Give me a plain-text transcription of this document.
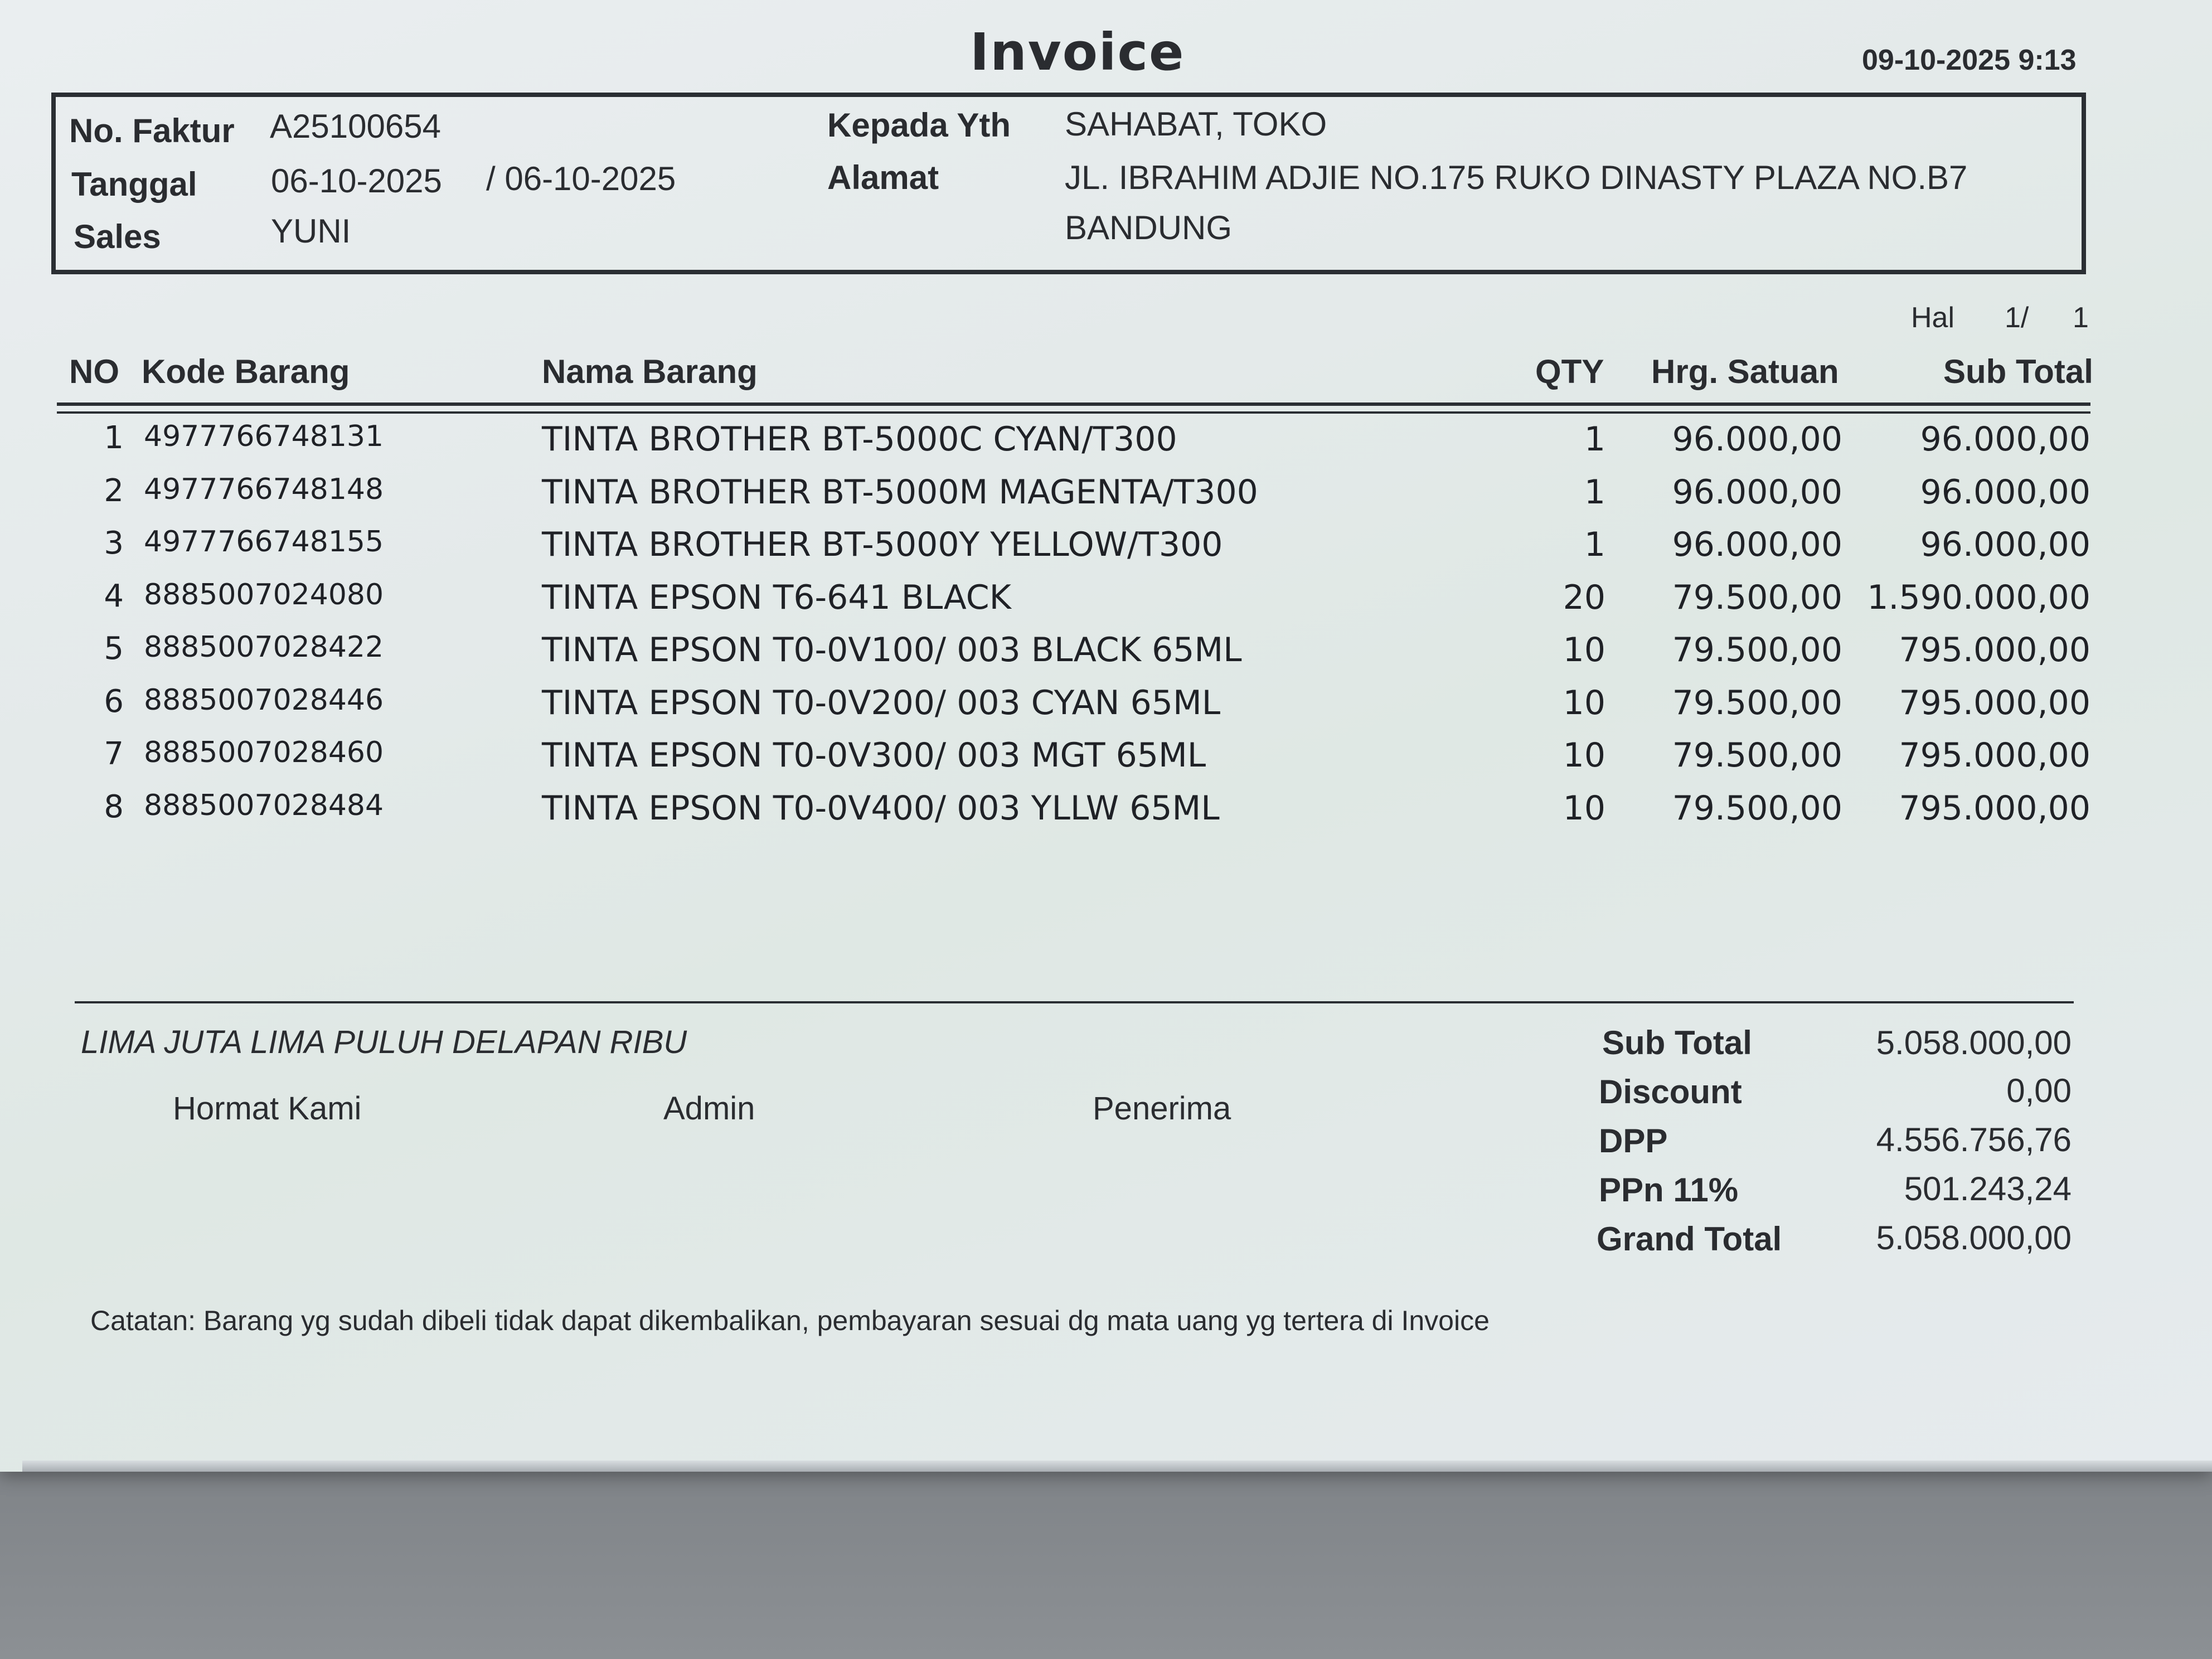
Invoice	09-10-2025 9:13
No. Faktur A25100654
Tanggal 06-10-2025 / 06-10-2025
Sales	YUNI
Kepada Yth SAHABAT, TOKO
Alamat	JL. IBRAHIM ADJIE NO.175 RUKO DINASTY PLAZA NO.B7
BANDUNG
Hal 1/ 1
NO Kode Barang	Nama Barang	QTY Hrg. Satuan	Sub Total
1 4977766748131	TINTA BROTHER BT-5000C CYAN/T300	1	96.000,00	96.000,00
2 4977766748148	TINTA BROTHER BT-5000M MAGENTA/T300	1	96.000,00	96.000,00
3 4977766748155	TINTA BROTHER BT-5000Y YELLOW/T300	1	96.000,00	96.000,00
4 8885007024080	TINTA EPSON T6-641 BLACK	20	79.500,00 1.590.000,00
5 8885007028422	TINTA EPSON T0-0V100/ 003 BLACK 65ML	10	79.500,00	795.000,00
6 8885007028446	TINTA EPSON T0-0V200/ 003 CYAN 65ML	10	79.500,00	795.000,00
7 8885007028460	TINTA EPSON T0-0V300/ 003 MGT 65ML	10	79.500,00	795.000,00
8 8885007028484	TINTA EPSON T0-0V400/ 003 YLLW 65ML	10	79.500,00	795.000,00
LIMA JUTA LIMA PULUH DELAPAN RIBU
Hormat Kami	Admin	Penerima
Sub Total	5.058.000,00
Discount	0,00
DPP	4.556.756,76
PPn 11%	501.243,24
Grand Total	5.058.000,00
Catatan: Barang yg sudah dibeli tidak dapat dikembalikan, pembayaran sesuai dg mata uang yg tertera di Invoice
